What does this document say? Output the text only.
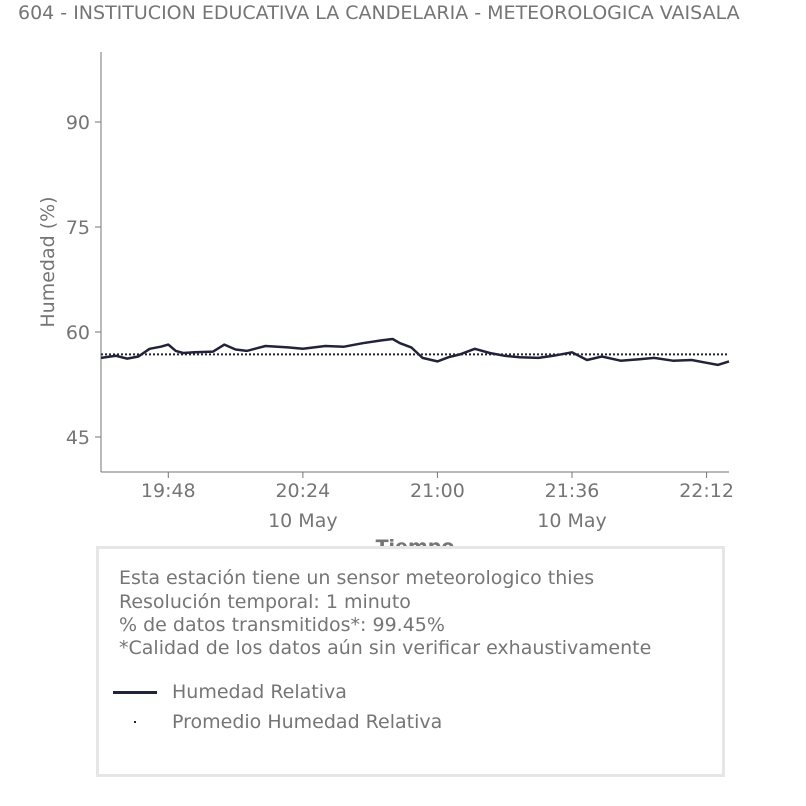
604 - INSTITUCION EDUCATIVA LA CANDELARIA - METEOROLOGICA VAISALA
45
60
75
90
19:48	20:24
10 May
21:00	21:36
10 May
22:12
Humedad (%)
Esta estación tiene un sensor meteorologico thies
Resolución temporal: 1 minuto
% de datos transmitidos*: 99.45%
*Calidad de los datos aún sin verificar exhaustivamente
Humedad Relativa
Promedio Humedad Relativa
